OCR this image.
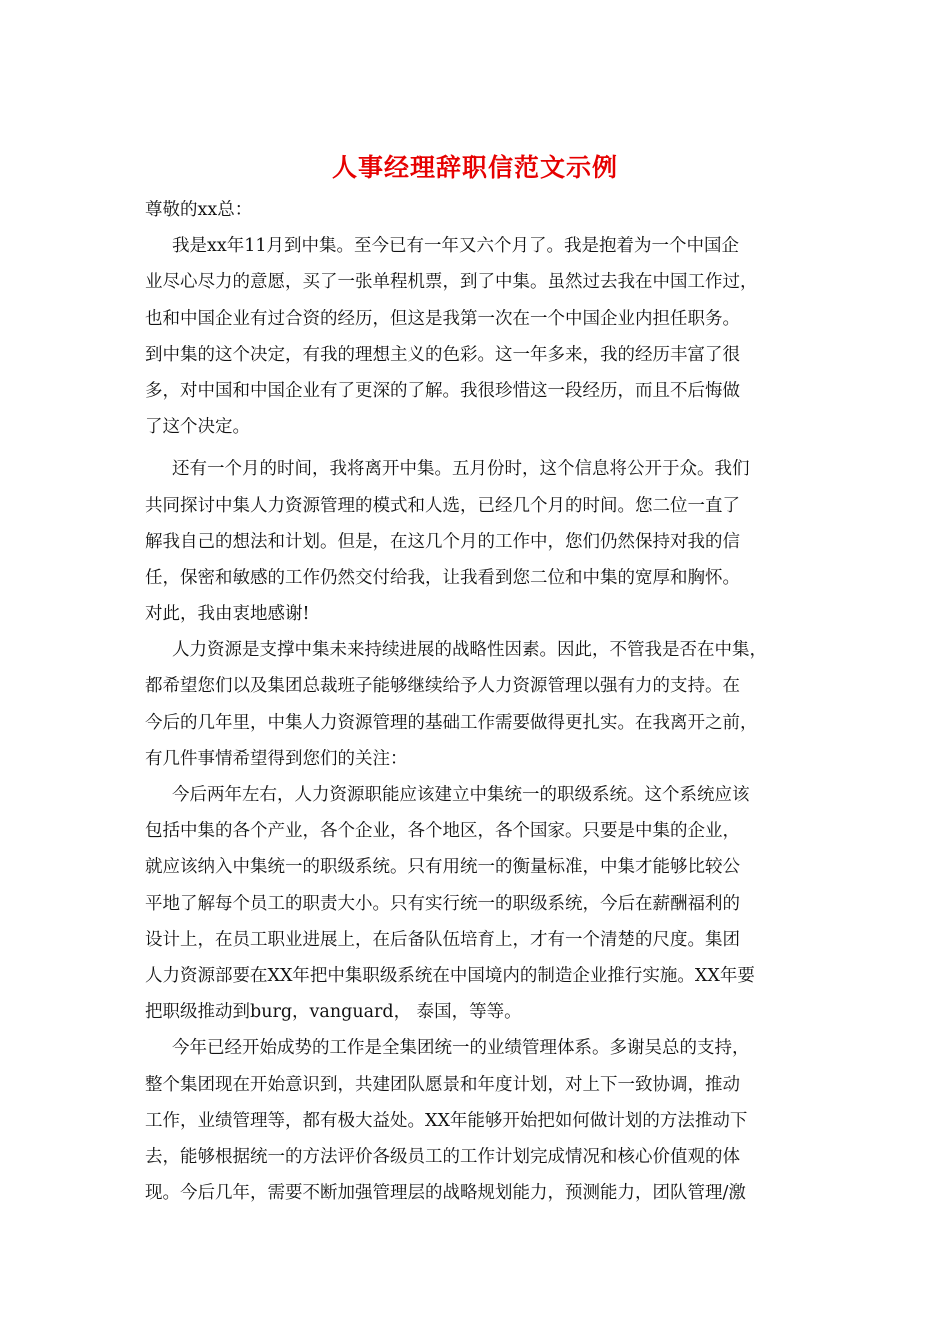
人事经理辞职信范文示例
尊敬的xx总：
我是xx年11月到中集。至今已有一年又六个月了。我是抱着为一个中国企
业尽心尽力的意愿，买了一张单程机票，到了中集。虽然过去我在中国工作过，
也和中国企业有过合资的经历，但这是我第一次在一个中国企业内担任职务。
到中集的这个决定，有我的理想主义的色彩。这一年多来，我的经历丰富了很
多，对中国和中国企业有了更深的了解。我很珍惜这一段经历，而且不后悔做
了这个决定。
还有一个月的时间，我将离开中集。五月份时，这个信息将公开于众。我们
共同探讨中集人力资源管理的模式和人选，已经几个月的时间。您二位一直了
解我自己的想法和计划。但是，在这几个月的工作中，您们仍然保持对我的信
任，保密和敏感的工作仍然交付给我，让我看到您二位和中集的宽厚和胸怀。
对此，我由衷地感谢!
人力资源是支撑中集未来持续进展的战略性因素。因此，不管我是否在中集，
都希望您们以及集团总裁班子能够继续给予人力资源管理以强有力的支持。在
今后的几年里，中集人力资源管理的基础工作需要做得更扎实。在我离开之前，
有几件事情希望得到您们的关注：
今后两年左右，人力资源职能应该建立中集统一的职级系统。这个系统应该
包括中集的各个产业，各个企业，各个地区，各个国家。只要是中集的企业，
就应该纳入中集统一的职级系统。只有用统一的衡量标准，中集才能够比较公
平地了解每个员工的职责大小。只有实行统一的职级系统，今后在薪酬福利的
设计上，在员工职业进展上，在后备队伍培育上，才有一个清楚的尺度。集团
人力资源部要在XX年把中集职级系统在中国境内的制造企业推行实施。XX年要
把职级推动到burg，vanguard， 泰国，等等。
今年已经开始成势的工作是全集团统一的业绩管理体系。多谢吴总的支持，
整个集团现在开始意识到，共建团队愿景和年度计划，对上下一致协调，推动
工作，业绩管理等，都有极大益处。XX年能够开始把如何做计划的方法推动下
去，能够根据统一的方法评价各级员工的工作计划完成情况和核心价值观的体
现。今后几年，需要不断加强管理层的战略规划能力，预测能力，团队管理/激
